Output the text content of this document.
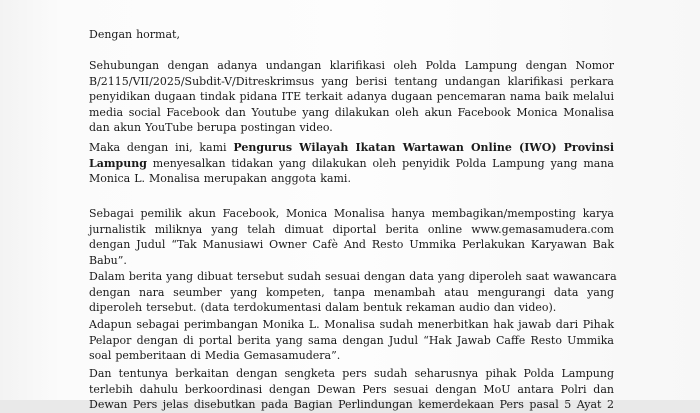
Dengan hormat,

Sehubungan dengan adanya undangan klarifikasi oleh Polda Lampung dengan Nomor
B/2115/VII/2025/Subdit-V/Ditreskrimsus yang berisi tentang undangan klarifikasi perkara
penyidikan dugaan tindak pidana ITE terkait adanya dugaan pencemaran nama baik melalui
media social Facebook dan Youtube yang dilakukan oleh akun Facebook Monica Monalisa
dan akun YouTube berupa postingan video.
Maka dengan ini, kami Pengurus Wilayah Ikatan Wartawan Online (IWO) Provinsi
Lampung menyesalkan tidakan yang dilakukan oleh penyidik Polda Lampung yang mana
Monica L. Monalisa merupakan anggota kami.
Sebagai pemilik akun Facebook, Monica Monalisa hanya membagikan/memposting karya
jurnalistik miliknya yang telah dimuat diportal berita online www.gemasamudera.com
dengan Judul “Tak Manusiawi Owner Cafè And Resto Ummika Perlakukan Karyawan Bak
Babu”.
Dalam berita yang dibuat tersebut sudah sesuai dengan data yang diperoleh saat wawancara
dengan nara seumber yang kompeten, tanpa menambah atau mengurangi data yang
diperoleh tersebut. (data terdokumentasi dalam bentuk rekaman audio dan video).
Adapun sebagai perimbangan Monika L. Monalisa sudah menerbitkan hak jawab dari Pihak
Pelapor dengan di portal berita yang sama dengan Judul “Hak Jawab Caffe Resto Ummika
soal pemberitaan di Media Gemasamudera”.
Dan tentunya berkaitan dengan sengketa pers sudah seharusnya pihak Polda Lampung
terlebih dahulu berkoordinasi dengan Dewan Pers sesuai dengan MoU antara Polri dan
Dewan Pers jelas disebutkan pada Bagian Perlindungan kemerdekaan Pers pasal 5 Ayat 2
